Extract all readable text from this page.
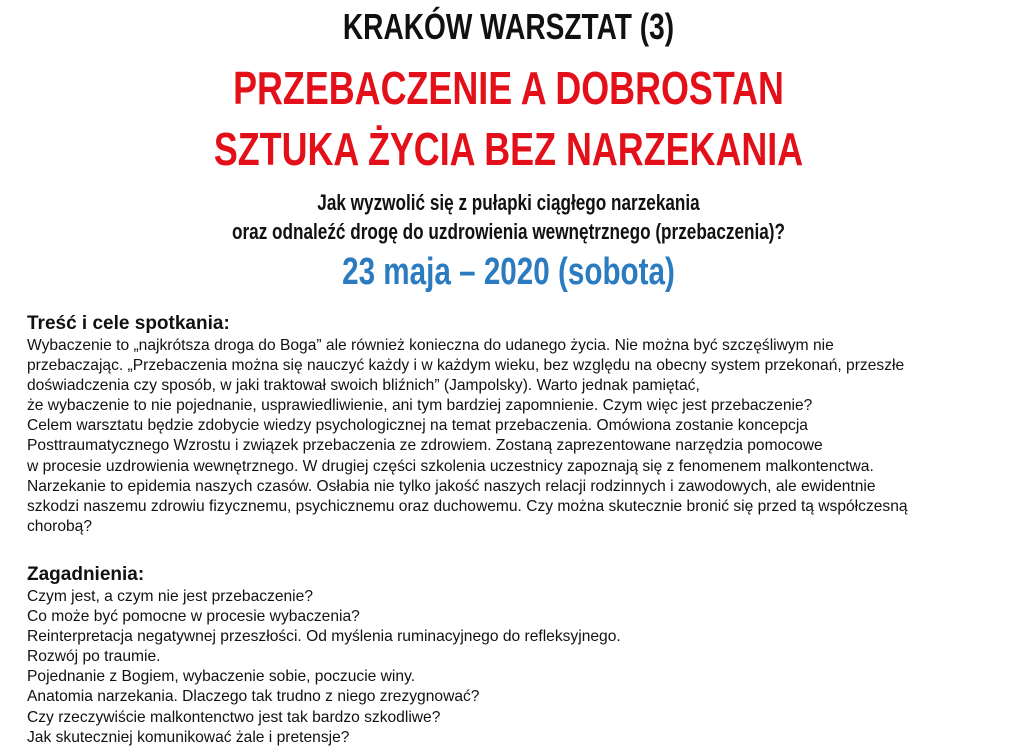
KRAKÓW WARSZTAT (3)
PRZEBACZENIE A DOBROSTAN
SZTUKA ŻYCIA BEZ NARZEKANIA
Jak wyzwolić się z pułapki ciągłego narzekania
oraz odnaleźć drogę do uzdrowienia wewnętrznego (przebaczenia)?
23 maja – 2020 (sobota)
Treść i cele spotkania:
Wybaczenie to „najkrótsza droga do Boga” ale również konieczna do udanego życia. Nie można być szczęśliwym nie
przebaczając. „Przebaczenia można się nauczyć każdy i w każdym wieku, bez względu na obecny system przekonań, przeszłe
doświadczenia czy sposób, w jaki traktował swoich bliźnich” (Jampolsky). Warto jednak pamiętać,
że wybaczenie to nie pojednanie, usprawiedliwienie, ani tym bardziej zapomnienie. Czym więc jest przebaczenie?
Celem warsztatu będzie zdobycie wiedzy psychologicznej na temat przebaczenia. Omówiona zostanie koncepcja
Posttraumatycznego Wzrostu i związek przebaczenia ze zdrowiem. Zostaną zaprezentowane narzędzia pomocowe
w procesie uzdrowienia wewnętrznego. W drugiej części szkolenia uczestnicy zapoznają się z fenomenem malkontenctwa.
Narzekanie to epidemia naszych czasów. Osłabia nie tylko jakość naszych relacji rodzinnych i zawodowych, ale ewidentnie
szkodzi naszemu zdrowiu fizycznemu, psychicznemu oraz duchowemu. Czy można skutecznie bronić się przed tą współczesną
chorobą?
Zagadnienia:
Czym jest, a czym nie jest przebaczenie?
Co może być pomocne w procesie wybaczenia?
Reinterpretacja negatywnej przeszłości. Od myślenia ruminacyjnego do refleksyjnego.
Rozwój po traumie.
Pojednanie z Bogiem, wybaczenie sobie, poczucie winy.
Anatomia narzekania. Dlaczego tak trudno z niego zrezygnować?
Czy rzeczywiście malkontenctwo jest tak bardzo szkodliwe?
Jak skuteczniej komunikować żale i pretensje?
